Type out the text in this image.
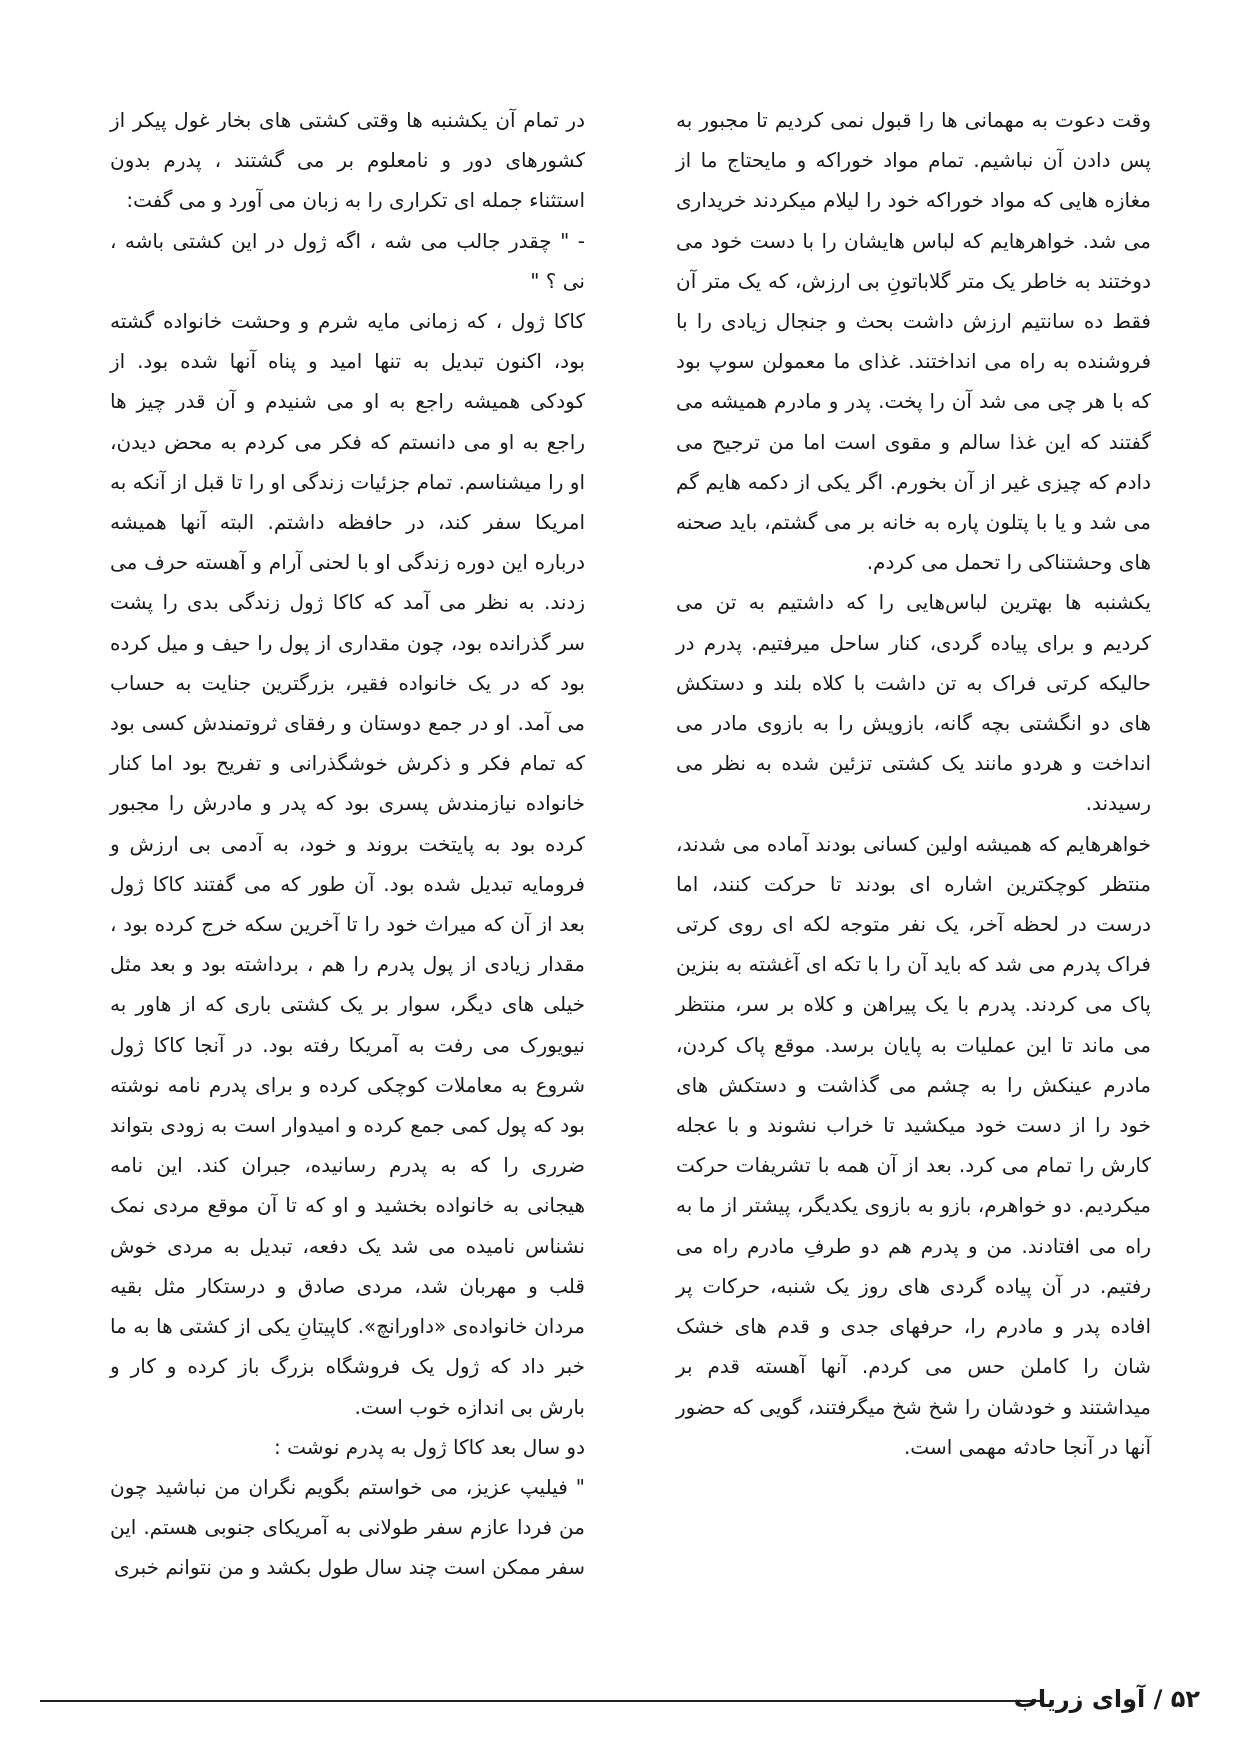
وقت دعوت به مهمانی ها را قبول نمی کردیم تا مجبور به پس دادن آن نباشیم. تمام مواد خوراکه و مایحتاج ما از مغازه هایی که مواد خوراکه خود را لیلام میکردند خریداری می شد. خواهرهایم که لباس هایشان را با دست خود می دوختند به خاطر یک متر گلاباتونِ بی ارزش، که یک متر آن فقط ده سانتیم ارزش داشت بحث و جنجال زیادی را با فروشنده به راه می انداختند. غذای ما معمولن سوپ بود که با هر چی می شد آن را پخت. پدر و مادرم همیشه می گفتند که این غذا سالم و مقوی است اما من ترجیح می دادم که چیزی غیر از آن بخورم. اگر یکی از دکمه هایم گم می شد و یا با پتلون پاره به خانه بر می گشتم، باید صحنه های وحشتناکی را تحمل می کردم.

یکشنبه ها بهترین لباس‌هایی را که داشتیم به تن می کردیم و برای پیاده گردی، کنار ساحل میرفتیم. پدرم در حالیکه کرتی فراک به تن داشت با کلاه بلند و دستکش های دو انگشتی بچه گانه، بازویش را به بازوی مادر می انداخت و هردو مانند یک کشتی تزئین شده به نظر می رسیدند.

خواهرهایم که همیشه اولین کسانی بودند آماده می شدند، منتظر کوچکترین اشاره ای بودند تا حرکت کنند، اما درست در لحظه آخر، یک نفر متوجه لکه ای روی کرتی فراک پدرم می شد که باید آن را با تکه ای آغشته به بنزین پاک می کردند. پدرم با یک پیراهن و کلاه بر سر، منتظر می ماند تا این عملیات به پایان برسد. موقع پاک کردن، مادرم عینکش را به چشم می گذاشت و دستکش های خود را از دست خود میکشید تا خراب نشوند و با عجله کارش را تمام می کرد. بعد از آن همه با تشریفات حرکت میکردیم. دو خواهرم، بازو به بازوی یکدیگر، پیشتر از ما به راه می افتادند. من و پدرم هم دو طرفِ مادرم راه می رفتیم. در آن پیاده گردی های روز یک شنبه، حرکات پر افاده پدر و مادرم را، حرفهای جدی و قدم های خشک شان را کاملن حس می کردم. آنها آهسته قدم بر میداشتند و خودشان را شخ شخ میگرفتند، گویی که حضور آنها در آنجا حادثه مهمی است.

در تمام آن یکشنبه ها وقتی کشتی های بخار غول پیکر از کشورهای دور و نامعلوم بر می گشتند ، پدرم بدون استثناء جمله ای تکراری را به زبان می آورد و می گفت:

- " چقدر جالب می شه ، اگه ژول در این کشتی باشه ، نی ؟ "

کاکا ژول ، که زمانی مایه شرم و وحشت خانواده گشته بود، اکنون تبدیل به تنها امید و پناه آنها شده بود. از کودکی همیشه راجع به او می شنیدم و آن قدر چیز ها راجع به او می دانستم که فکر می کردم به محض دیدن، او را میشناسم. تمام جزئیات زندگی او را تا قبل از آنکه به امریکا سفر کند، در حافظه داشتم. البته آنها همیشه درباره این دوره زندگی او با لحنی آرام و آهسته حرف می زدند. به نظر می آمد که کاکا ژول زندگی بدی را پشت سر گذرانده بود، چون مقداری از پول را حیف و میل کرده بود که در یک خانواده فقیر، بزرگترین جنایت به حساب می آمد. او در جمع دوستان و رفقای ثروتمندش کسی بود که تمام فکر و ذکرش خوشگذرانی و تفریح بود اما کنار خانواده نیازمندش پسری بود که پدر و مادرش را مجبور کرده بود به پایتخت بروند و خود، به آدمی بی ارزش و فرومایه تبدیل شده بود. آن طور که می گفتند کاکا ژول بعد از آن که میراث خود را تا آخرین سکه خرج کرده بود ، مقدار زیادی از پول پدرم را هم ، برداشته بود و بعد مثل خیلی های دیگر، سوار بر یک کشتی باری که از هاور به نیویورک می رفت به آمریکا رفته بود. در آنجا کاکا ژول شروع به معاملات کوچکی کرده و برای پدرم نامه نوشته بود که پول کمی جمع کرده و امیدوار است به زودی بتواند ضرری را که به پدرم رسانیده، جبران کند. این نامه هیجانی به خانواده بخشید و او که تا آن موقع مردی نمک نشناس نامیده می شد یک دفعه، تبدیل به مردی خوش قلب و مهربان شد، مردی صادق و درستکار مثل بقیه مردان خانواده‌ی «داورانچ». کاپیتانِ یکی از کشتی ها به ما خبر داد که ژول یک فروشگاه بزرگ باز کرده و کار و بارش بی اندازه خوب است.

دو سال بعد کاکا ژول به پدرم نوشت :

" فیلیپ عزیز، می خواستم بگویم نگران من نباشید چون من فردا عازم سفر طولانی به آمریکای جنوبی هستم. این سفر ممکن است چند سال طول بکشد و من نتوانم خبری

۵۲ / آوای زریاب
